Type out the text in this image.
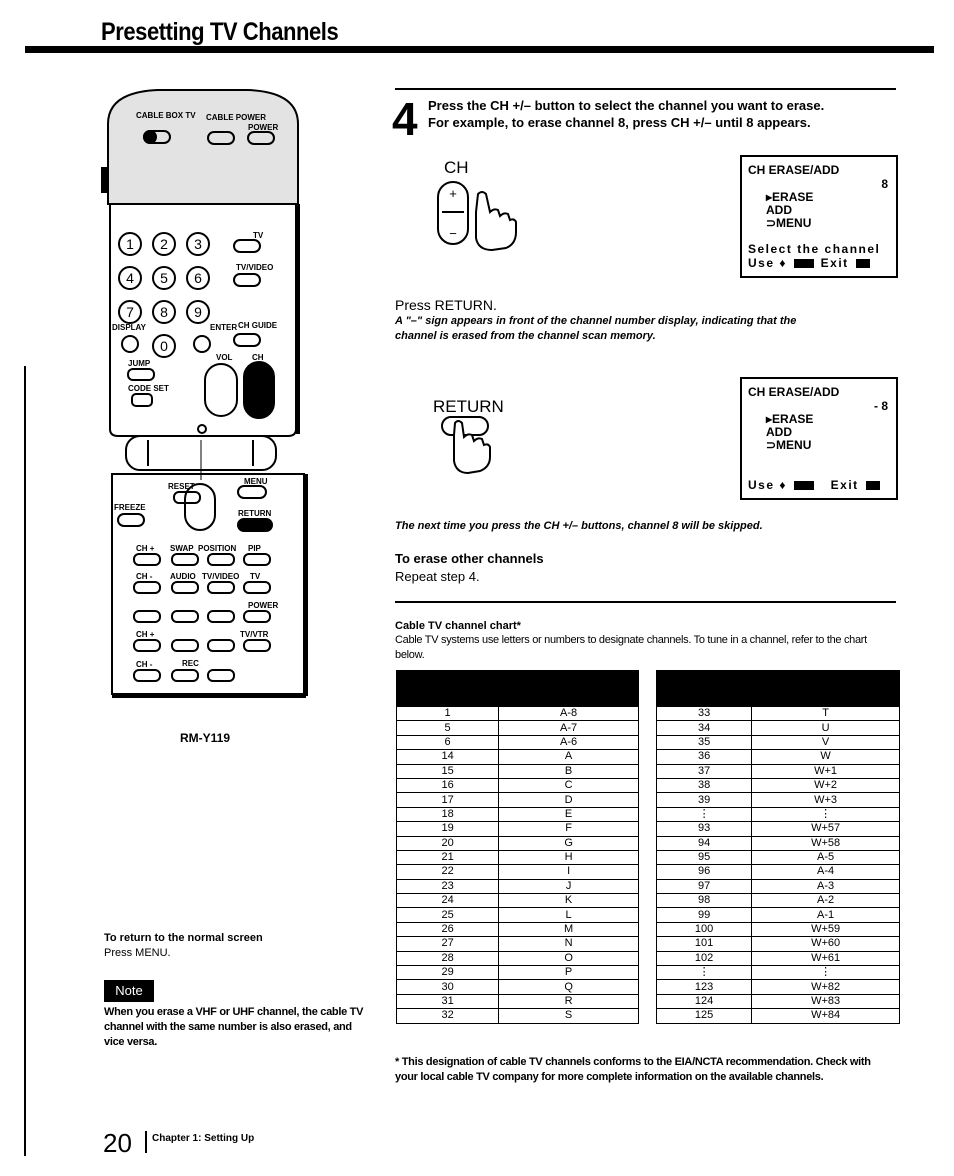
Presetting TV Channels
CABLE BOX TV CABLE POWER
POWER
TV
TV/VIDEO
DISPLAY	ENTER CH GUIDE
JUMP
VOL CH
CODE SET
RESET
MENU
FREEZE
RETURN
CH + SWAP POSITION PIP
CH - AUDIO TV/VIDEO TV
POWER
CH +	TV/VTR
CH -	REC
1 2 3
4 5 6
7 8 9
0
RM-Y119
4 Press the CH +/– button to select the channel you want to erase.
For example, to erase channel 8, press CH +/– until 8 appears.
CH
+
−
CH ERASE/ADD
8
▸ERASE
ADD
⊃MENU
Select the channel
Use ♦	Exit
Press RETURN.
A "–" sign appears in front of the channel number display, indicating that the channel is erased from the channel scan memory.
RETURN
CH ERASE/ADD
- 8
▸ERASE
ADD
⊃MENU
Use ♦	Exit
The next time you press the CH +/– buttons, channel 8 will be skipped.
To erase other channels
Repeat step 4.
Cable TV channel chart*
Cable TV systems use letters or numbers to designate channels. To tune in a channel, refer to the chart below.

1	A-8
5	A-7
6	A-6
14	A
15	B
16	C
17	D
18	E
19	F
20	G
21	H
22	I
23	J
24	K
25	L
26	M
27	N
28	O
29	P
30	Q
31	R
32	S

33	T
34	U
35	V
36	W
37	W+1
38	W+2
39	W+3
⋮	⋮
93	W+57
94	W+58
95	A-5
96	A-4
97	A-3
98	A-2
99	A-1
100	W+59
101	W+60
102	W+61
⋮	⋮
123	W+82
124	W+83
125	W+84
* This designation of cable TV channels conforms to the EIA/NCTA recommendation. Check with your local cable TV company for more complete information on the available channels.
To return to the normal screen
Press MENU.
Note
When you erase a VHF or UHF channel, the cable TV channel with the same number is also erased, and vice versa.
20 Chapter 1: Setting Up
